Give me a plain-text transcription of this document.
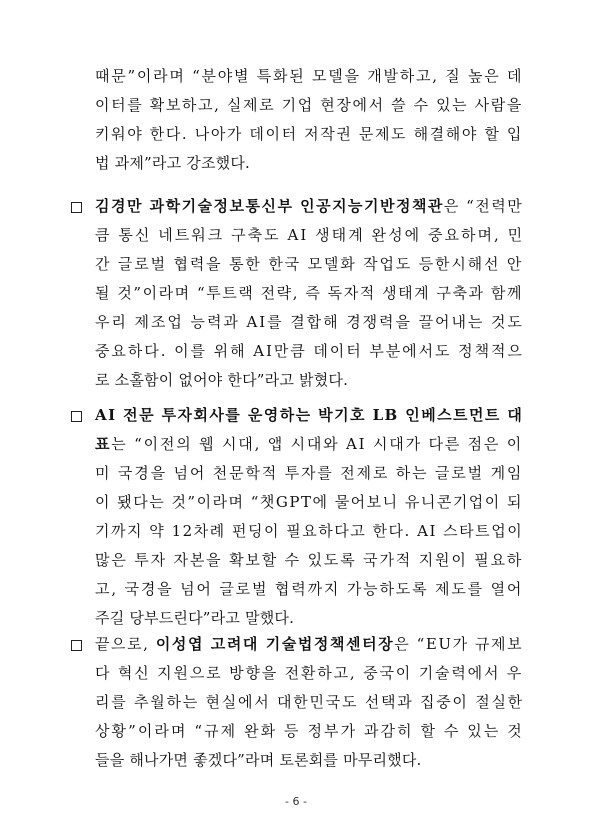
때문”이라며 “분야별 특화된 모델을 개발하고, 질 높은 데
이터를 확보하고, 실제로 기업 현장에서 쓸 수 있는 사람을
키워야 한다. 나아가 데이터 저작권 문제도 해결해야 할 입
법 과제”라고 강조했다.
김경만 과학기술정보통신부 인공지능기반정책관은 “전력만
큼 통신 네트워크 구축도 AI 생태계 완성에 중요하며, 민
간 글로벌 협력을 통한 한국 모델화 작업도 등한시해선 안
될 것”이라며 “투트랙 전략, 즉 독자적 생태계 구축과 함께
우리 제조업 능력과 AI를 결합해 경쟁력을 끌어내는 것도
중요하다. 이를 위해 AI만큼 데이터 부분에서도 정책적으
로 소홀함이 없어야 한다”라고 밝혔다.
AI 전문 투자회사를 운영하는 박기호 LB 인베스트먼트 대
표는 “이전의 웹 시대, 앱 시대와 AI 시대가 다른 점은 이
미 국경을 넘어 천문학적 투자를 전제로 하는 글로벌 게임
이 됐다는 것”이라며 “챗GPT에 물어보니 유니콘기업이 되
기까지 약 12차례 펀딩이 필요하다고 한다. AI 스타트업이
많은 투자 자본을 확보할 수 있도록 국가적 지원이 필요하
고, 국경을 넘어 글로벌 협력까지 가능하도록 제도를 열어
주길 당부드린다”라고 말했다.
끝으로, 이성엽 고려대 기술법정책센터장은 “EU가 규제보
다 혁신 지원으로 방향을 전환하고, 중국이 기술력에서 우
리를 추월하는 현실에서 대한민국도 선택과 집중이 절실한
상황”이라며 “규제 완화 등 정부가 과감히 할 수 있는 것
들을 해나가면 좋겠다”라며 토론회를 마무리했다.
- 6 -
